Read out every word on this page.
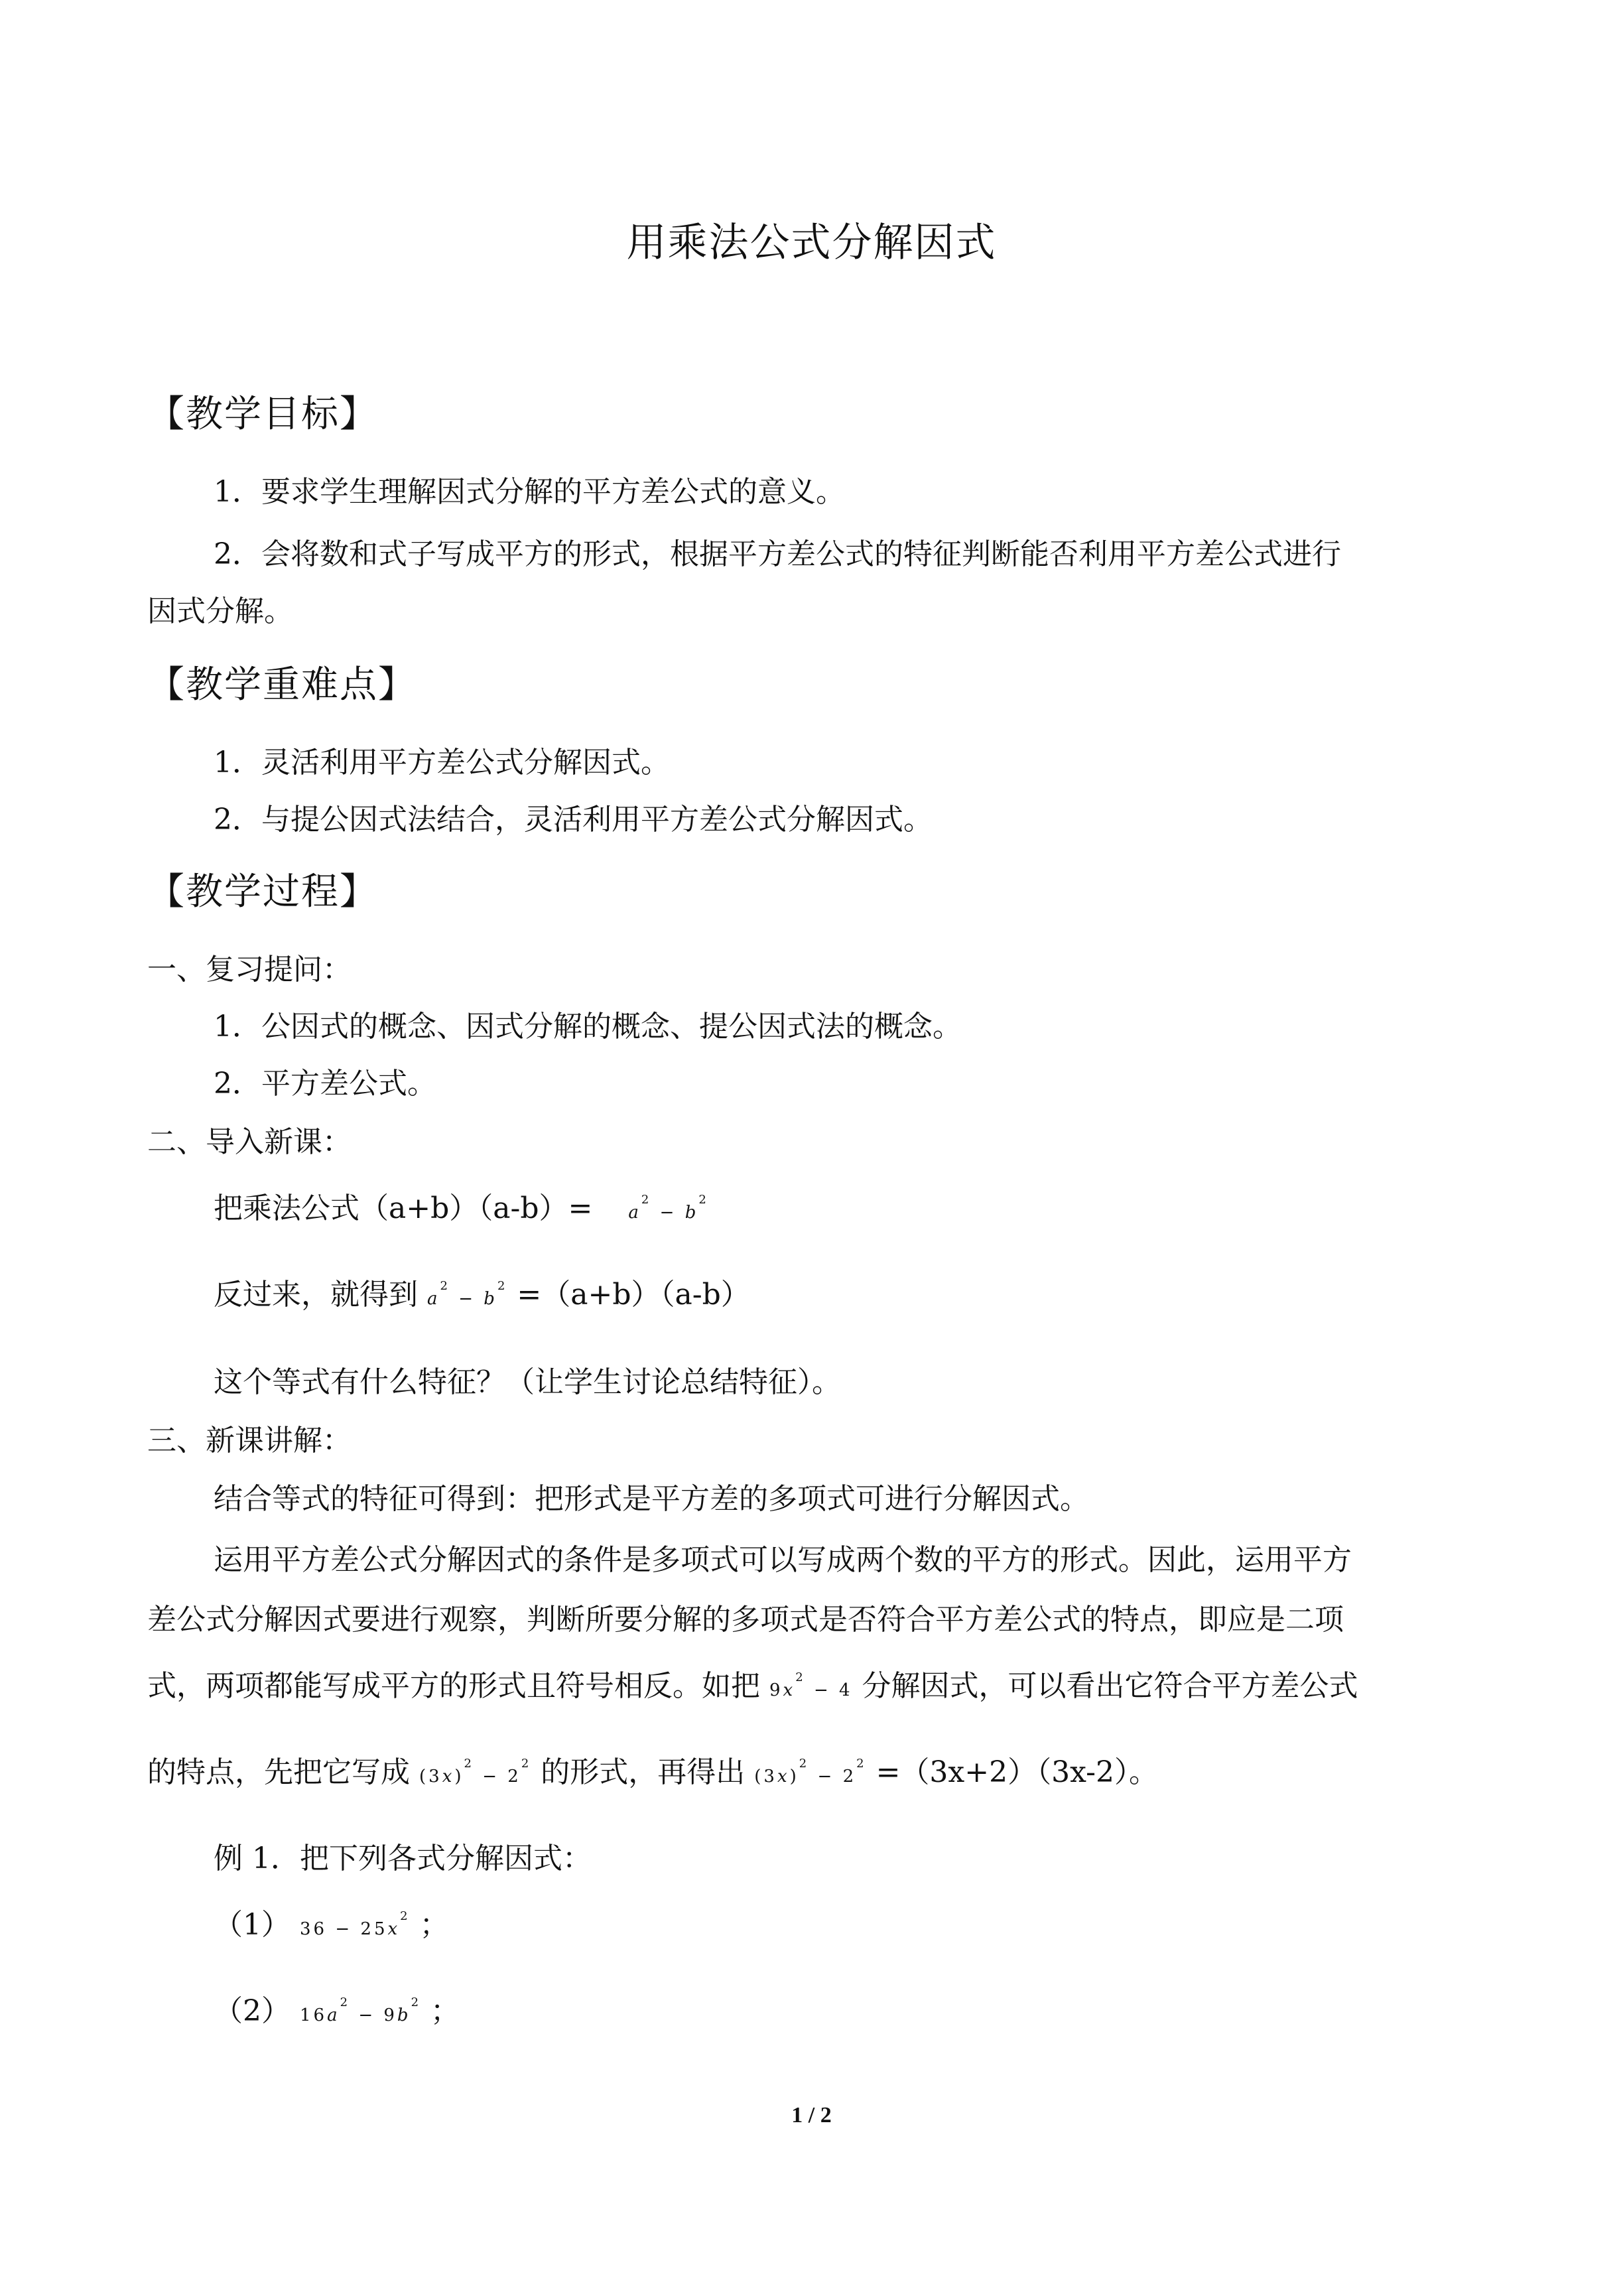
用乘法公式分解因式
【教学目标】
1．要求学生理解因式分解的平方差公式的意义。
2．会将数和式子写成平方的形式，根据平方差公式的特征判断能否利用平方差公式进行
因式分解。
【教学重难点】
1．灵活利用平方差公式分解因式。
2．与提公因式法结合，灵活利用平方差公式分解因式。
【教学过程】
一、复习提问：
1．公因式的概念、因式分解的概念、提公因式法的概念。
2．平方差公式。
二、导入新课：
把乘法公式$(a+b)(a-b)= a^2 - b^2$
反过来，就得到 $a^2 - b^2 =(a+b)(a-b)$
这个等式有什么特征？（让学生讨论总结特征）。
三、新课讲解：
结合等式的特征可得到：把形式是平方差的多项式可进行分解因式。
运用平方差公式分解因式的条件是多项式可以写成两个数的平方的形式。因此，运用平方
差公式分解因式要进行观察，判断所要分解的多项式是否符合平方差公式的特点，即应是二项
式，两项都能写成平方的形式且符号相反。如把 $9x^2 - 4$ 分解因式，可以看出它符合平方差公式
的特点，先把它写成 $(3x)^2 - 2^2$ 的形式，再得出 $(3x)^2 - 2^2 =(3x+2)(3x-2)$。
例 1．把下列各式分解因式：
（1） $36 - 25x^2$ ；
（2） $16a^2 - 9b^2$ ；
1 / 2
